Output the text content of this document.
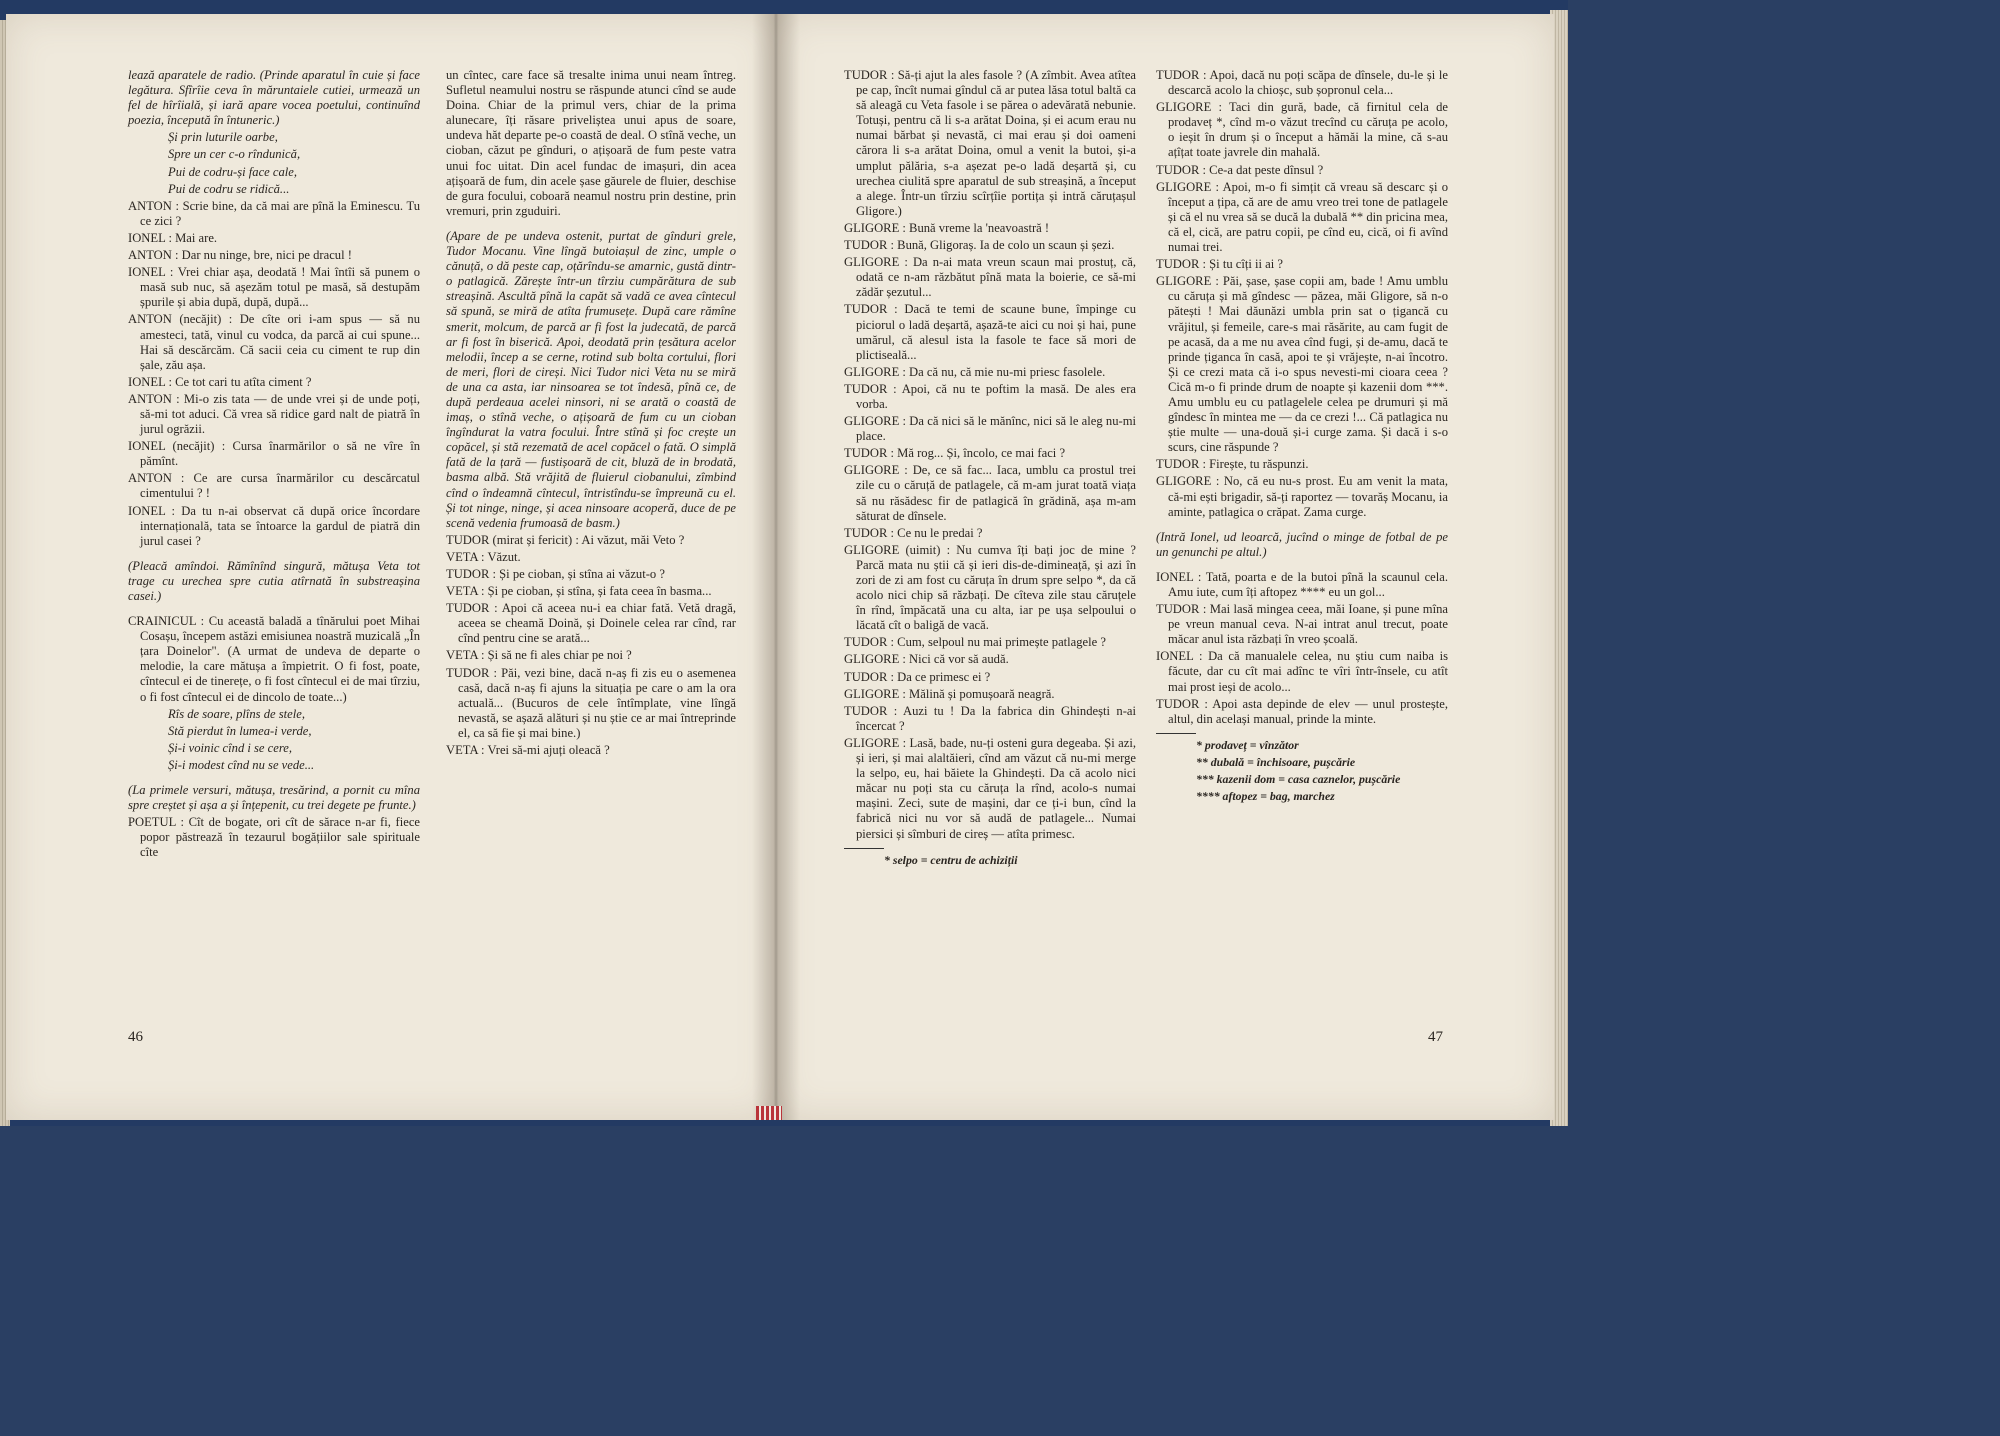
lează aparatele de radio. (Prinde aparatul în cuie și face legătura. Sfîrîie ceva în măruntaiele cutiei, urmează un fel de hîrîială, și iară apare vocea poetului, continuînd poezia, începută în întuneric.)

Și prin luturile oarbe,

Spre un cer c-o rîndunică,

Pui de codru-și face cale,

Pui de codru se ridică...

ANTON : Scrie bine, da că mai are pînă la Eminescu. Tu ce zici ?

IONEL : Mai are.

ANTON : Dar nu ninge, bre, nici pe dracul !

IONEL : Vrei chiar așa, deodată ! Mai întîi să punem o masă sub nuc, să așezăm totul pe masă, să destupăm șpurile și abia după, după, după...

ANTON (necăjit) : De cîte ori i-am spus — să nu amesteci, tată, vinul cu vodca, da parcă ai cui spune... Hai să descărcăm. Că sacii ceia cu ciment te rup din șale, zău așa.

IONEL : Ce tot cari tu atîta ciment ?

ANTON : Mi-o zis tata — de unde vrei și de unde poți, să-mi tot aduci. Că vrea să ridice gard nalt de piatră în jurul ogrăzii.

IONEL (necăjit) : Cursa înarmărilor o să ne vîre în pămînt.

ANTON : Ce are cursa înarmărilor cu descărcatul cimentului ? !

IONEL : Da tu n-ai observat că după orice încordare internațională, tata se întoarce la gardul de piatră din jurul casei ?

(Pleacă amîndoi. Rămînînd singură, mătușa Veta tot trage cu urechea spre cutia atîrnată în substreașina casei.)

CRAINICUL : Cu această baladă a tînărului poet Mihai Cosașu, începem astăzi emisiunea noastră muzicală „În țara Doinelor". (A urmat de undeva de departe o melodie, la care mătușa a împietrit. O fi fost, poate, cîntecul ei de tinerețe, o fi fost cîntecul ei de mai tîrziu, o fi fost cîntecul ei de dincolo de toate...)

Rîs de soare, plîns de stele,

Stă pierdut în lumea-i verde,

Și-i voinic cînd i se cere,

Și-i modest cînd nu se vede...

(La primele versuri, mătușa, tresărind, a pornit cu mîna spre creștet și așa a și înțepenit, cu trei degete pe frunte.)

POETUL : Cît de bogate, ori cît de sărace n-ar fi, fiece popor păstrează în tezaurul bogățiilor sale spirituale cîte

un cîntec, care face să tresalte inima unui neam întreg. Sufletul neamului nostru se răspunde atunci cînd se aude Doina. Chiar de la primul vers, chiar de la prima alunecare, îți răsare priveliștea unui apus de soare, undeva hăt departe pe-o coastă de deal. O stînă veche, un cioban, căzut pe gînduri, o ațișoară de fum peste vatra unui foc uitat. Din acel fundac de imașuri, din acea ațișoară de fum, din acele șase găurele de fluier, deschise de gura focului, coboară neamul nostru prin destine, prin vremuri, prin zguduiri.

(Apare de pe undeva ostenit, purtat de gînduri grele, Tudor Mocanu. Vine lîngă butoiașul de zinc, umple o cănuță, o dă peste cap, oțărîndu-se amarnic, gustă dintr-o patlagică. Zărește într-un tîrziu cumpărătura de sub streașină. Ascultă pînă la capăt să vadă ce avea cîntecul să spună, se miră de atîta frumusețe. După care rămîne smerit, molcum, de parcă ar fi fost la judecată, de parcă ar fi fost în biserică. Apoi, deodată prin țesătura acelor melodii, încep a se cerne, rotind sub bolta cortului, flori de meri, flori de cireși. Nici Tudor nici Veta nu se miră de una ca asta, iar ninsoarea se tot îndesă, pînă ce, de după perdeaua acelei ninsori, ni se arată o coastă de imaș, o stînă veche, o ațișoară de fum cu un cioban îngîndurat la vatra focului. Între stînă și foc crește un copăcel, și stă rezemată de acel copăcel o fată. O simplă fată de la țară — fustișoară de cit, bluză de in brodată, basma albă. Stă vrăjită de fluierul ciobanului, zîmbind cînd o îndeamnă cîntecul, întristîndu-se împreună cu el. Și tot ninge, ninge, și acea ninsoare acoperă, duce de pe scenă vedenia frumoasă de basm.)

TUDOR (mirat și fericit) : Ai văzut, măi Veto ?

VETA : Văzut.

TUDOR : Și pe cioban, și stîna ai văzut-o ?

VETA : Și pe cioban, și stîna, și fata ceea în basma...

TUDOR : Apoi că aceea nu-i ea chiar fată. Vetă dragă, aceea se cheamă Doină, și Doinele celea rar cînd, rar cînd pentru cine se arată...

VETA : Și să ne fi ales chiar pe noi ?

TUDOR : Păi, vezi bine, dacă n-aș fi zis eu o asemenea casă, dacă n-aș fi ajuns la situația pe care o am la ora actuală... (Bucuros de cele întîmplate, vine lîngă nevastă, se așază alături și nu știe ce ar mai întreprinde el, ca să fie și mai bine.)

VETA : Vrei să-mi ajuți oleacă ?

TUDOR : Să-ți ajut la ales fasole ? (A zîmbit. Avea atîtea pe cap, încît numai gîndul că ar putea lăsa totul baltă ca să aleagă cu Veta fasole i se părea o adevărată nebunie. Totuși, pentru că li s-a arătat Doina, și ei acum erau nu numai bărbat și nevastă, ci mai erau și doi oameni cărora li s-a arătat Doina, omul a venit la butoi, și-a umplut pălăria, s-a așezat pe-o ladă deșartă și, cu urechea ciulită spre aparatul de sub streașină, a început a alege. Într-un tîrziu scîrțîie portița și intră căruțașul Gligore.)

GLIGORE : Bună vreme la 'neavoastră !

TUDOR : Bună, Gligoraș. Ia de colo un scaun și șezi.

GLIGORE : Da n-ai mata vreun scaun mai prostuț, că, odată ce n-am răzbătut pînă mata la boierie, ce să-mi zădăr șezutul...

TUDOR : Dacă te temi de scaune bune, împinge cu piciorul o ladă deșartă, așază-te aici cu noi și hai, pune umărul, că alesul ista la fasole te face să mori de plictiseală...

GLIGORE : Da că nu, că mie nu-mi priesc fasolele.

TUDOR : Apoi, că nu te poftim la masă. De ales era vorba.

GLIGORE : Da că nici să le mănînc, nici să le aleg nu-mi place.

TUDOR : Mă rog... Și, încolo, ce mai faci ?

GLIGORE : De, ce să fac... Iaca, umblu ca prostul trei zile cu o căruță de patlagele, că m-am jurat toată viața să nu răsădesc fir de patlagică în grădină, așa m-am săturat de dînsele.

TUDOR : Ce nu le predai ?

GLIGORE (uimit) : Nu cumva îți bați joc de mine ? Parcă mata nu știi că și ieri dis-de-dimineață, și azi în zori de zi am fost cu căruța în drum spre selpo *, da că acolo nici chip să răzbați. De cîteva zile stau căruțele în rînd, împăcată una cu alta, iar pe ușa selpoului o lăcată cît o baligă de vacă.

TUDOR : Cum, selpoul nu mai primește patlagele ?

GLIGORE : Nici că vor să audă.

TUDOR : Da ce primesc ei ?

GLIGORE : Mălină și pomușoară neagră.

TUDOR : Auzi tu ! Da la fabrica din Ghindești n-ai încercat ?

GLIGORE : Lasă, bade, nu-ți osteni gura degeaba. Și azi, și ieri, și mai alaltăieri, cînd am văzut că nu-mi merge la selpo, eu, hai băiete la Ghindești. Da că acolo nici măcar nu poți sta cu căruța la rînd, acolo-s numai mașini. Zeci, sute de mașini, dar ce ți-i bun, cînd la fabrică nici nu vor să audă de patlagele... Numai piersici și sîmburi de cireș — atîta primesc.

* selpo = centru de achiziții

TUDOR : Apoi, dacă nu poți scăpa de dînsele, du-le și le descarcă acolo la chioșc, sub șopronul cela...

GLIGORE : Taci din gură, bade, că firnitul cela de prodaveț *, cînd m-o văzut trecînd cu căruța pe acolo, o ieșit în drum și o început a hămăi la mine, că s-au ațîțat toate javrele din mahală.

TUDOR : Ce-a dat peste dînsul ?

GLIGORE : Apoi, m-o fi simțit că vreau să descarc și o început a țipa, că are de amu vreo trei tone de patlagele și că el nu vrea să se ducă la dubală ** din pricina mea, că el, cică, are patru copii, pe cînd eu, cică, oi fi avînd numai trei.

TUDOR : Și tu cîți ii ai ?

GLIGORE : Păi, șase, șase copii am, bade ! Amu umblu cu căruța și mă gîndesc — păzea, măi Gligore, să n-o pătești ! Mai dăunăzi umbla prin sat o țigancă cu vrăjitul, și femeile, care-s mai răsărite, au cam fugit de pe acasă, da a me nu avea cînd fugi, și de-amu, dacă te prinde țiganca în casă, apoi te și vrăjește, n-ai încotro. Și ce crezi mata că i-o spus nevesti-mi cioara ceea ? Cică m-o fi prinde drum de noapte și kazenii dom ***. Amu umblu eu cu patlagelele celea pe drumuri și mă gîndesc în mintea me — da ce crezi !... Că patlagica nu știe multe — una-două și-i curge zama. Și dacă i s-o scurs, cine răspunde ?

TUDOR : Firește, tu răspunzi.

GLIGORE : No, că eu nu-s prost. Eu am venit la mata, că-mi ești brigadir, să-ți raportez — tovarăș Mocanu, ia aminte, patlagica o crăpat. Zama curge.

(Intră Ionel, ud leoarcă, jucînd o minge de fotbal de pe un genunchi pe altul.)

IONEL : Tată, poarta e de la butoi pînă la scaunul cela. Amu iute, cum îți aftopez **** eu un gol...

TUDOR : Mai lasă mingea ceea, măi Ioane, și pune mîna pe vreun manual ceva. N-ai intrat anul trecut, poate măcar anul ista răzbați în vreo școală.

IONEL : Da că manualele celea, nu știu cum naiba is făcute, dar cu cît mai adînc te vîri într-însele, cu atît mai prost ieși de acolo...

TUDOR : Apoi asta depinde de elev — unul prostește, altul, din același manual, prinde la minte.

* prodaveț = vînzător

** dubală = închisoare, pușcărie

*** kazenii dom = casa caznelor, pușcărie

**** aftopez = bag, marchez

46	47
